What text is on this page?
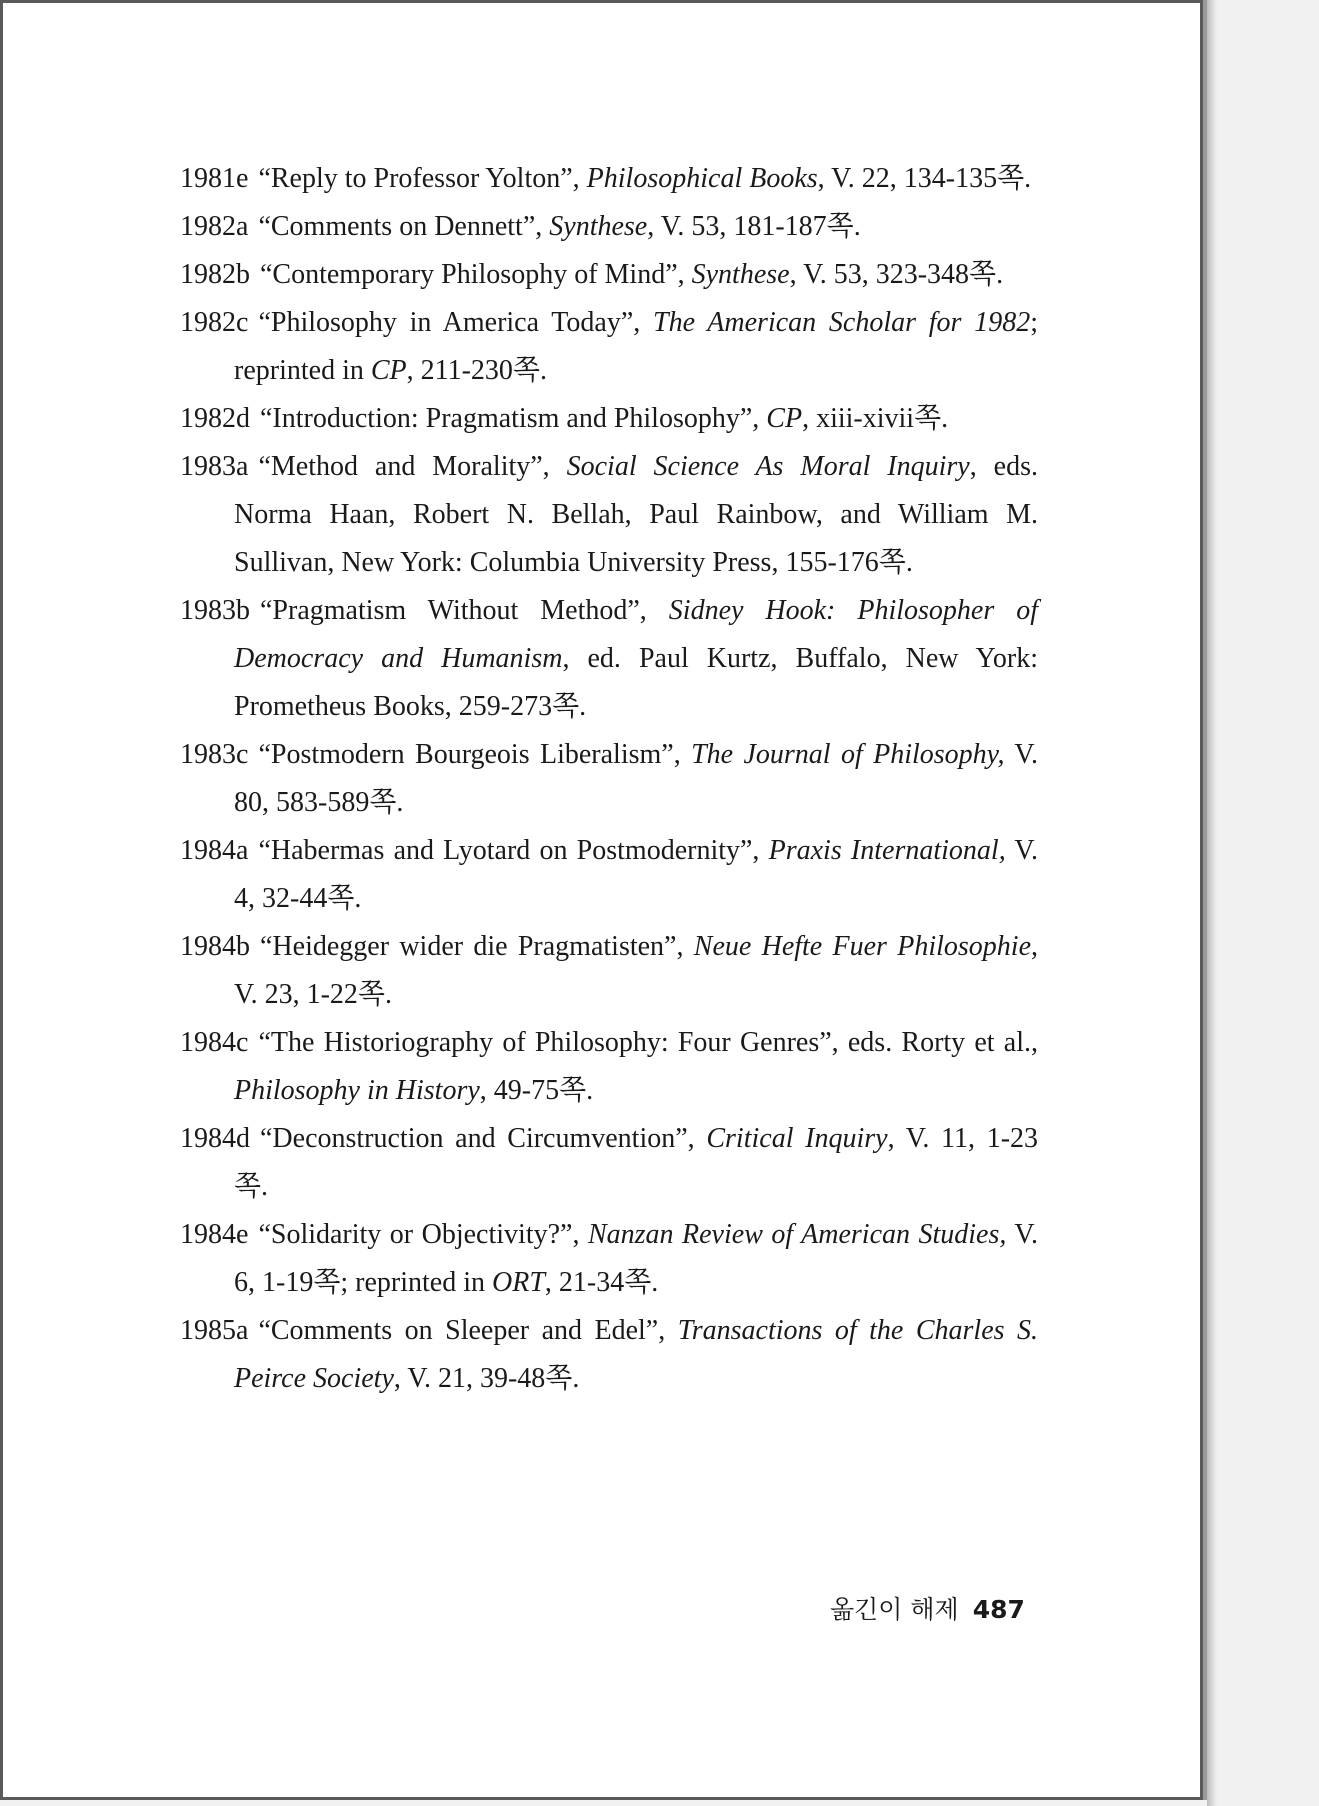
1981e “Reply to Professor Yolton”, Philosophical Books, V. 22, 134-135쪽.
1982a “Comments on Dennett”, Synthese, V. 53, 181-187쪽.
1982b “Contemporary Philosophy of Mind”, Synthese, V. 53, 323-348쪽.
1982c “Philosophy in America Today”, The American Scholar for 1982; reprinted in CP, 211-230쪽.
1982d “Introduction: Pragmatism and Philosophy”, CP, xiii-xivii쪽.
1983a “Method and Morality”, Social Science As Moral Inquiry, eds. Norma Haan, Robert N. Bellah, Paul Rainbow, and William M. Sullivan, New York: Columbia University Press, 155-176쪽.
1983b “Pragmatism Without Method”, Sidney Hook: Philosopher of Democracy and Humanism, ed. Paul Kurtz, Buffalo, New York: Prometheus Books, 259-273쪽.
1983c “Postmodern Bourgeois Liberalism”, The Journal of Philosophy, V. 80, 583-589쪽.
1984a “Habermas and Lyotard on Postmodernity”, Praxis International, V. 4, 32-44쪽.
1984b “Heidegger wider die Pragmatisten”, Neue Hefte Fuer Philosophie, V. 23, 1-22쪽.
1984c “The Historiography of Philosophy: Four Genres”, eds. Rorty et al., Philosophy in History, 49-75쪽.
1984d “Deconstruction and Circumvention”, Critical Inquiry, V. 11, 1-23쪽.
1984e “Solidarity or Objectivity?”, Nanzan Review of American Studies, V. 6, 1-19쪽; reprinted in ORT, 21-34쪽.
1985a “Comments on Sleeper and Edel”, Transactions of the Charles S. Peirce Society, V. 21, 39-48쪽.
옮긴이 해제 487
